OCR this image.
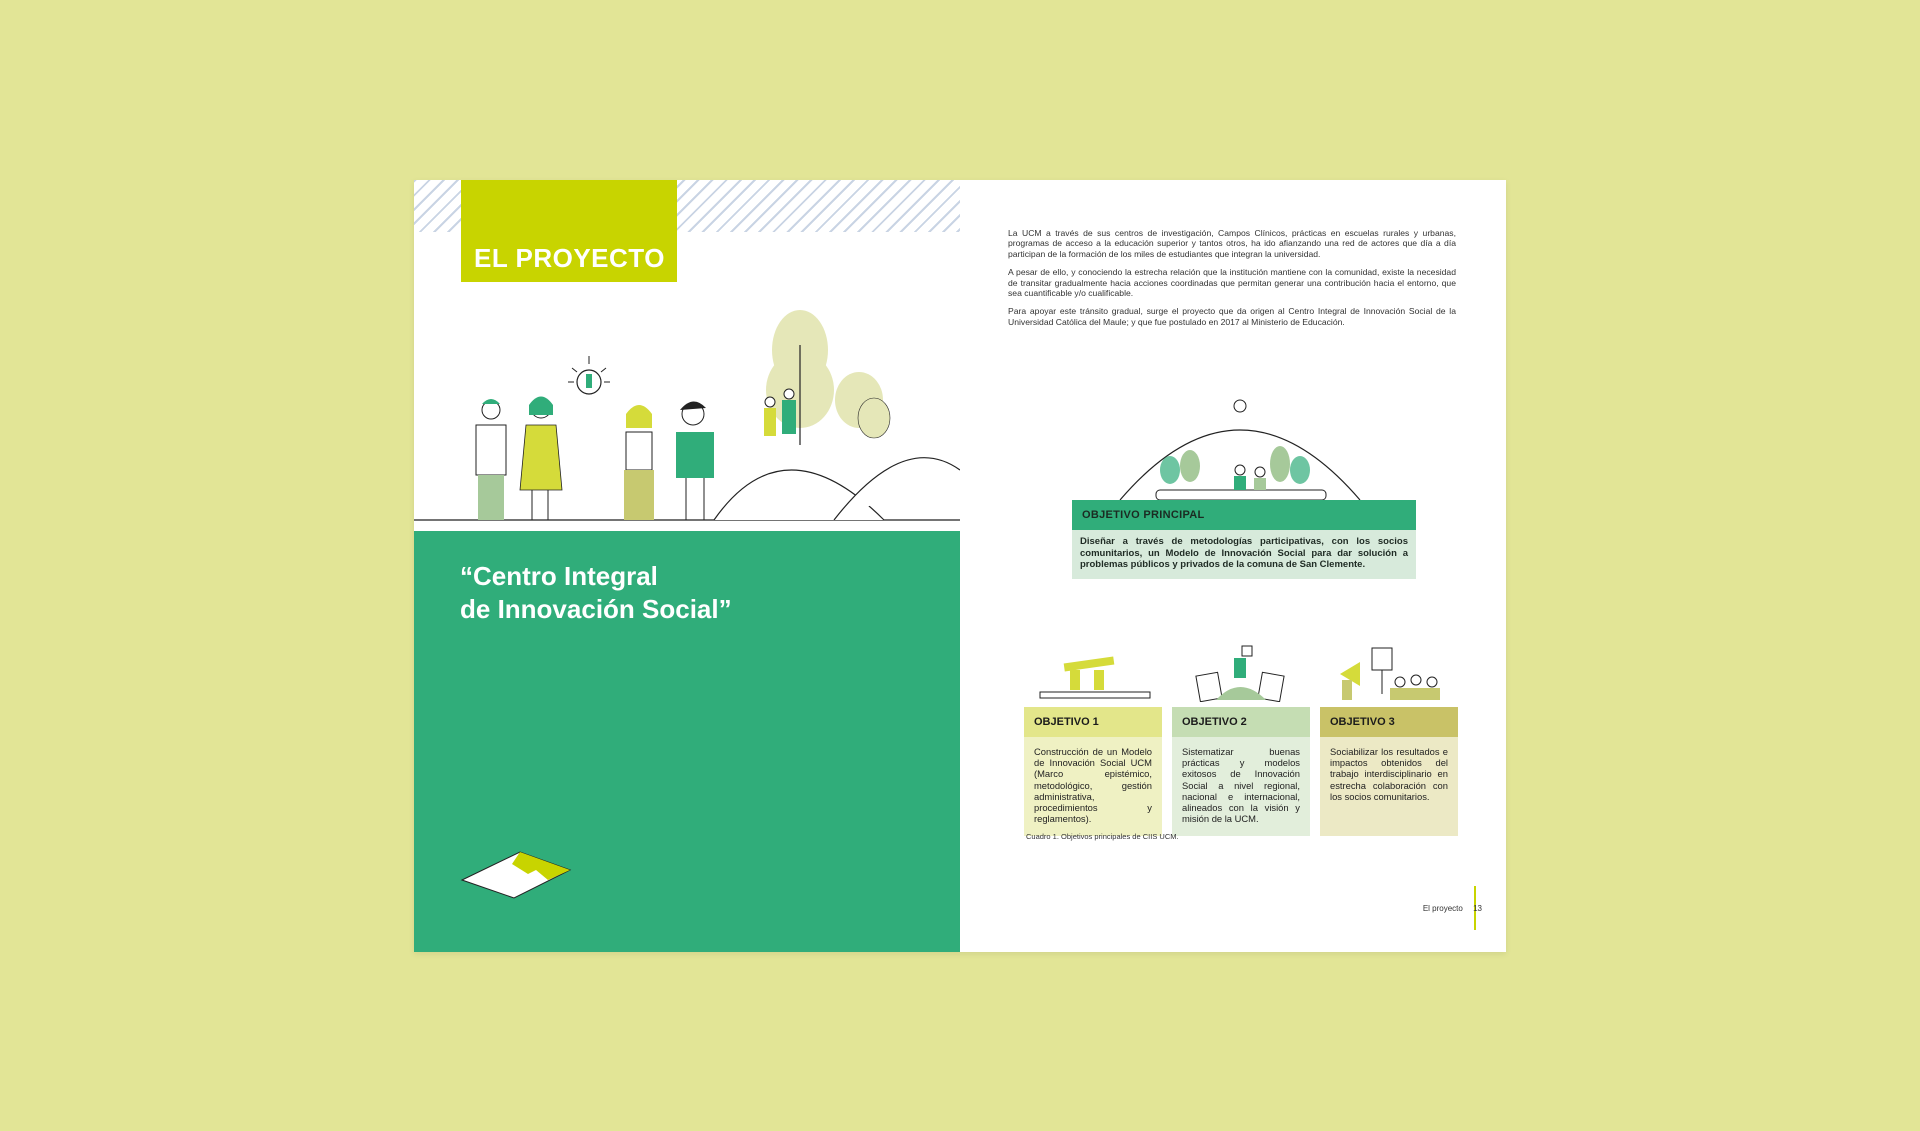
EL PROYECTO
“Centro Integral
de Innovación Social”

La UCM a través de sus centros de investigación, Campos Clínicos, prácticas en escuelas rurales y urbanas, programas de acceso a la educación superior y tantos otros, ha ido afianzando una red de actores que día a día participan de la formación de los miles de estudiantes que integran la universidad.

A pesar de ello, y conociendo la estrecha relación que la institución mantiene con la comunidad, existe la necesidad de transitar gradualmente hacia acciones coordinadas que permitan generar una contribución hacia el entorno, que sea cuantificable y/o cualificable.

Para apoyar este tránsito gradual, surge el proyecto que da origen al Centro Integral de Innovación Social de la Universidad Católica del Maule; y que fue postulado en 2017 al Ministerio de Educación.

OBJETIVO PRINCIPAL
Diseñar a través de metodologías participativas, con los socios comunitarios, un Modelo de Innovación Social para dar solución a problemas públicos y privados de la comuna de San Clemente.
OBJETIVO 1
Construcción de un Modelo de Innovación Social UCM (Marco epistémico, metodológico, gestión administrativa, procedimientos y reglamentos).
OBJETIVO 2
Sistematizar buenas prácticas y modelos exitosos de Innovación Social a nivel regional, nacional e internacional, alineados con la visión y misión de la UCM.
OBJETIVO 3
Sociabilizar los resultados e impactos obtenidos del trabajo interdisciplinario en estrecha colaboración con los socios comunitarios.
Cuadro 1. Objetivos principales de CIIS UCM.
El proyecto 13
